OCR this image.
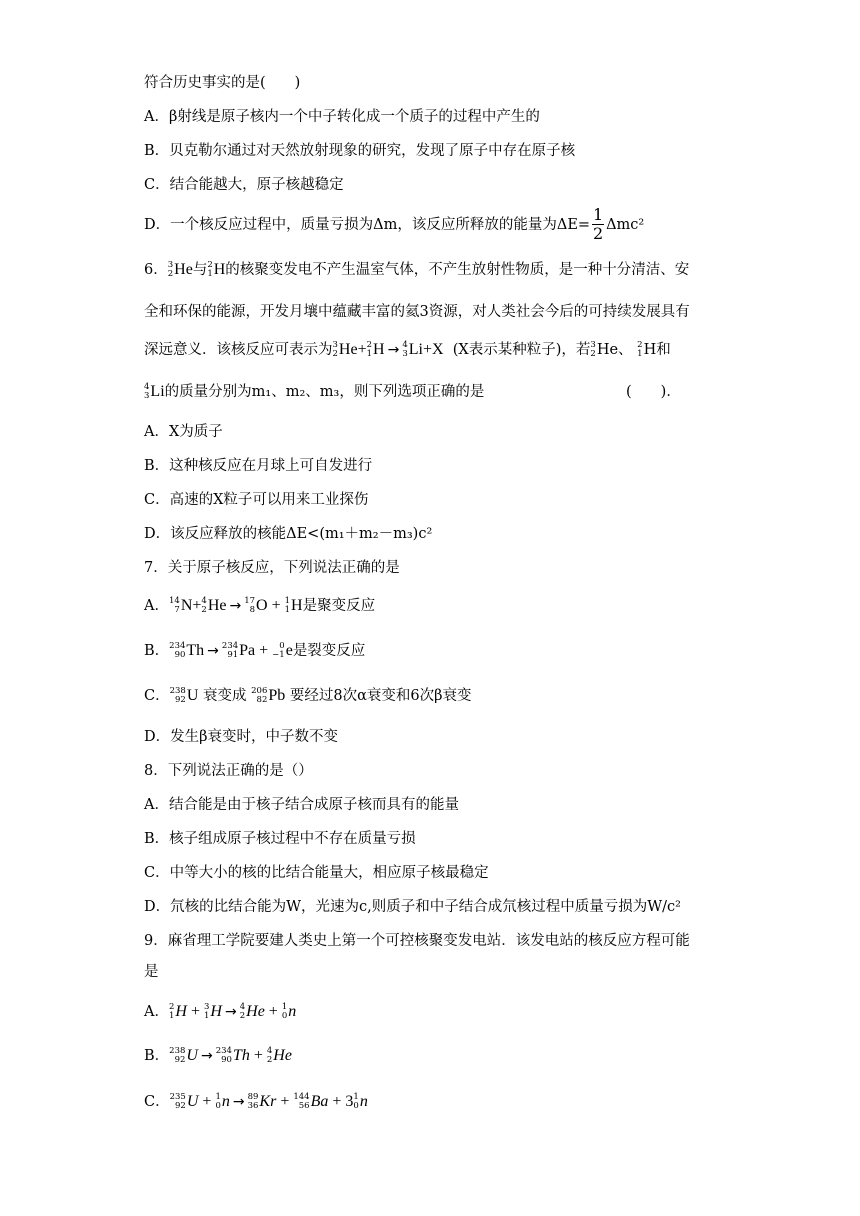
符合历史事实的是(　　)
A．β射线是原子核内一个中子转化成一个质子的过程中产生的
B．贝克勒尔通过对天然放射现象的研究，发现了原子中存在原子核
C．结合能越大，原子核越稳定
D．一个核反应过程中，质量亏损为Δm，该反应所释放的能量为$\Delta E= \frac{1}{2} \Delta mc^2$
6． 3
2 He 与 2
1 H 的核聚变发电不产生温室气体，不产生放射性物质，是一种十分清洁、安
全和环保的能源，开发月壤中蕴藏丰富的氦3资源，对人类社会今后的可持续发展具有
深远意义．该核反应可表示为 3
2 He + 2
1 H → 4
3 Li+X (X表示某种粒子)，若 3
2 He、
2
1 H和
4
3 Li 的质量分别为m₁、m₂、m₃，则下列选项正确的是	(　　)．
A．X为质子
B．这种核反应在月球上可自发进行
C．高速的X粒子可以用来工业探伤
D．该反应释放的核能ΔE<(m₁＋m₂－m₃)c²
7．关于原子核反应，下列说法正确的是
A． 14
7 N+ 4
2 He → 17
8 O + 1
1 H 是聚变反应
B． 234
90 Th → 234
91 Pa + 0
−1 e 是裂变反应
C． 238
92 U 衰变成 206
82 Pb 要经过8次α衰变和6次β衰变
D．发生β衰变时，中子数不变
8．下列说法正确的是（）
A．结合能是由于核子结合成原子核而具有的能量
B．核子组成原子核过程中不存在质量亏损
C．中等大小的核的比结合能量大，相应原子核最稳定
D．氘核的比结合能为W，光速为c,则质子和中子结合成氘核过程中质量亏损为W/c²
9．麻省理工学院要建人类史上第一个可控核聚变发电站．该发电站的核反应方程可能
是
A． 2
1 H + 3
1 H → 4
2 He + 1
0 n
B． 238
92 U → 234
90 Th + 4
2 He
C． 235
92 U + 1
0 n → 89
36 Kr + 144
56 Ba + 3 1
0 n
